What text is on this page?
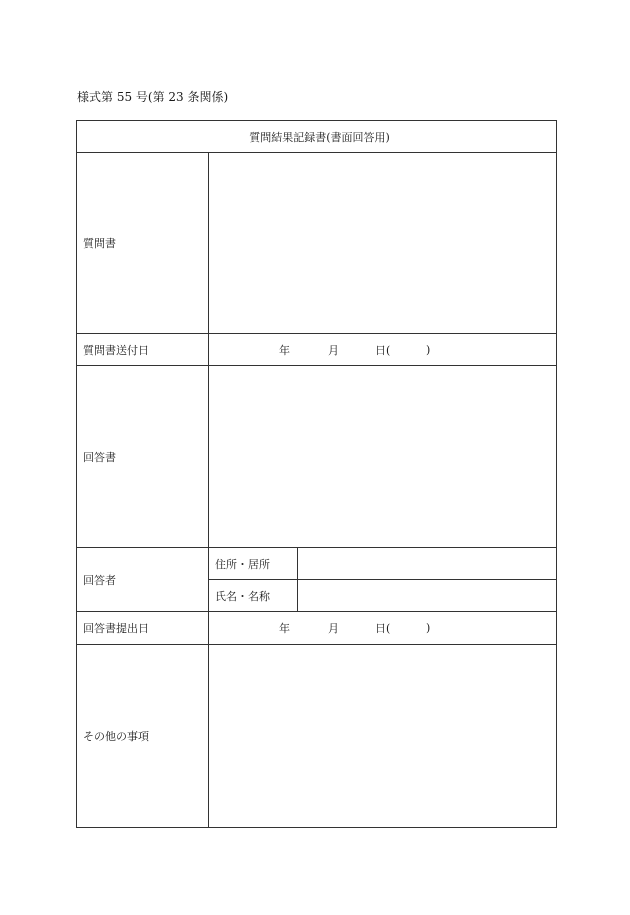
様式第 55 号(第 23 条関係)
質問結果記録書(書面回答用)		
質問書		
質問書送付日	年 月 日( )	

回答書		
回答者	住所・居所	
	氏名・名称	
回答書提出日	年 月 日( )	

その他の事項		
